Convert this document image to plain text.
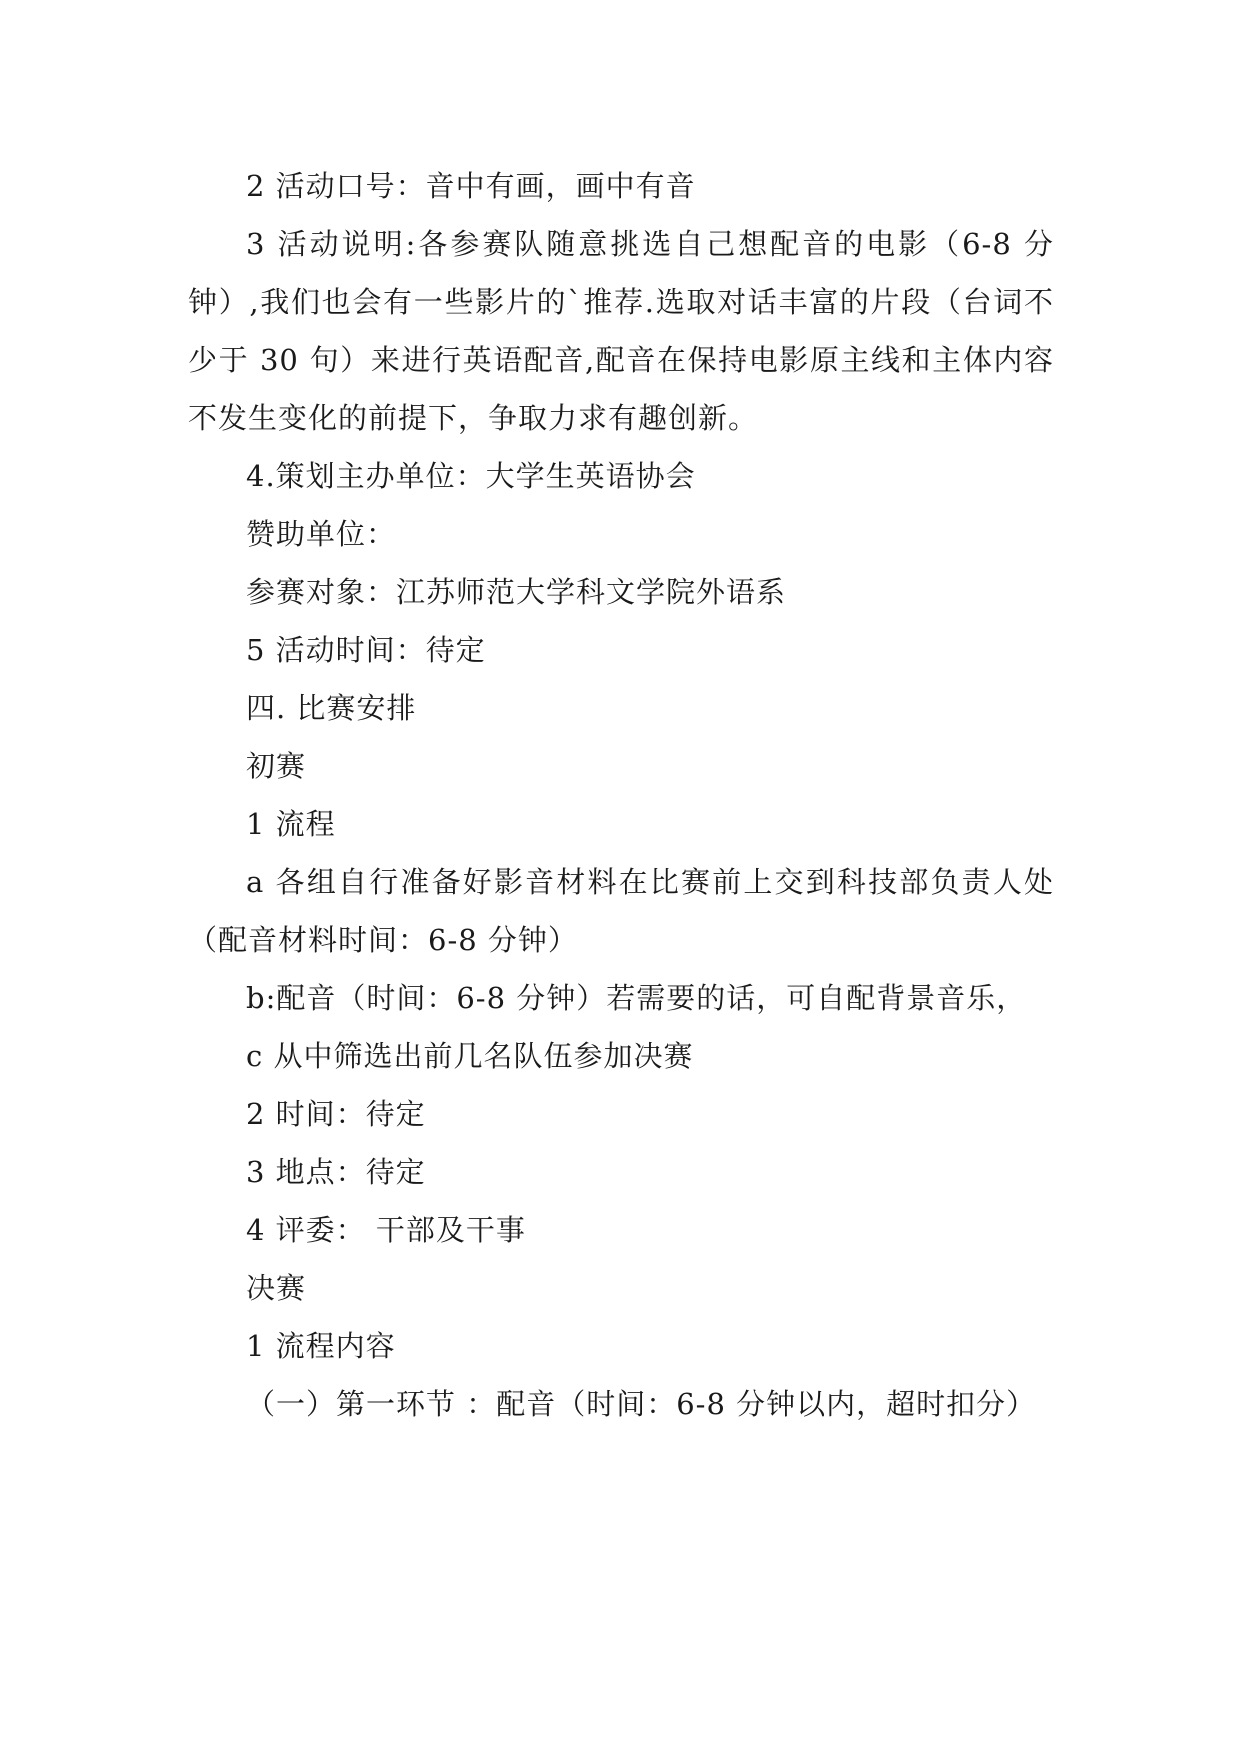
2 活动口号：音中有画，画中有音

3 活动说明:各参赛队随意挑选自己想配音的电影（6-8 分钟）,我们也会有一些影片的`推荐.选取对话丰富的片段（台词不少于 30 句）来进行英语配音,配音在保持电影原主线和主体内容不发生变化的前提下，争取力求有趣创新。

4.策划主办单位：大学生英语协会

赞助单位：

参赛对象：江苏师范大学科文学院外语系

5 活动时间：待定

四. 比赛安排

初赛

1 流程

a 各组自行准备好影音材料在比赛前上交到科技部负责人处（配音材料时间：6-8 分钟）

b:配音（时间：6-8 分钟）若需要的话，可自配背景音乐，

c 从中筛选出前几名队伍参加决赛

2 时间：待定

3 地点：待定

4 评委： 干部及干事

决赛

1 流程内容

（一）第一环节 ：配音（时间：6-8 分钟以内，超时扣分）
